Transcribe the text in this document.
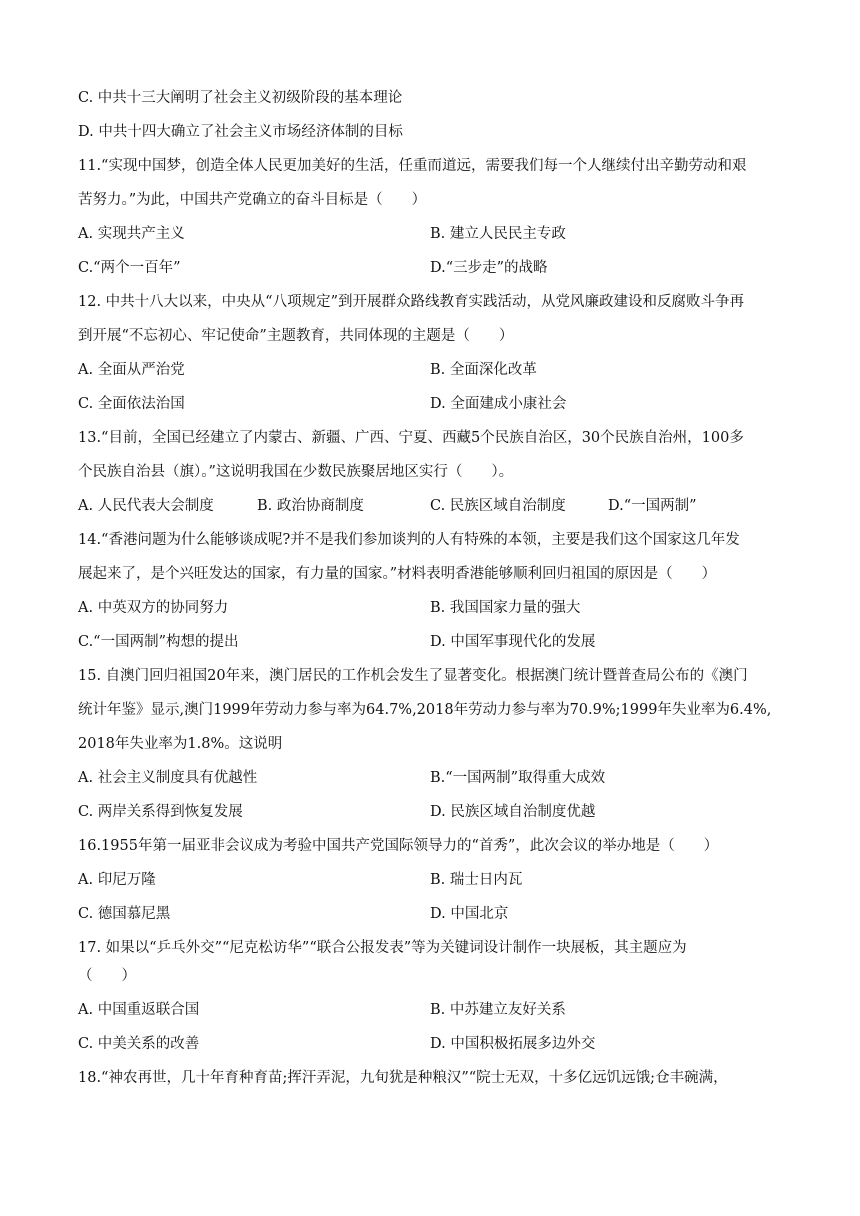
C. 中共十三大阐明了社会主义初级阶段的基本理论
D. 中共十四大确立了社会主义市场经济体制的目标
11.“实现中国梦，创造全体人民更加美好的生活，任重而道远，需要我们每一个人继续付出辛勤劳动和艰
苦努力。”为此，中国共产党确立的奋斗目标是（　　）
A. 实现共产主义	B. 建立人民民主专政
C.“两个一百年”	D.“三步走”的战略
12. 中共十八大以来，中央从“八项规定”到开展群众路线教育实践活动，从党风廉政建设和反腐败斗争再
到开展“不忘初心、牢记使命”主题教育，共同体现的主题是（　　）
A. 全面从严治党	B. 全面深化改革
C. 全面依法治国	D. 全面建成小康社会
13.“目前，全国已经建立了内蒙古、新疆、广西、宁夏、西藏5个民族自治区，30个民族自治州，100多
个民族自治县（旗）。”这说明我国在少数民族聚居地区实行（　　）。
A. 人民代表大会制度	B. 政治协商制度	C. 民族区域自治制度	D.“一国两制”
14.“香港问题为什么能够谈成呢?并不是我们参加谈判的人有特殊的本领，主要是我们这个国家这几年发
展起来了，是个兴旺发达的国家，有力量的国家。”材料表明香港能够顺利回归祖国的原因是（　　）
A. 中英双方的协同努力	B. 我国国家力量的强大
C.“一国两制”构想的提出	D. 中国军事现代化的发展
15. 自澳门回归祖国20年来，澳门居民的工作机会发生了显著变化。根据澳门统计暨普查局公布的《澳门
统计年鉴》显示,澳门1999年劳动力参与率为64.7%,2018年劳动力参与率为70.9%;1999年失业率为6.4%,
2018年失业率为1.8%。这说明
A. 社会主义制度具有优越性	B.“一国两制”取得重大成效
C. 两岸关系得到恢复发展	D. 民族区域自治制度优越
16.1955年第一届亚非会议成为考验中国共产党国际领导力的“首秀”，此次会议的举办地是（　　）
A. 印尼万隆	B. 瑞士日内瓦
C. 德国慕尼黑	D. 中国北京
17. 如果以“乒乓外交”“尼克松访华”“联合公报发表”等为关键词设计制作一块展板，其主题应为
（　　）
A. 中国重返联合国	B. 中苏建立友好关系
C. 中美关系的改善	D. 中国积极拓展多边外交
18.“神农再世，几十年育种育苗;挥汗弄泥，九旬犹是种粮汉”“院士无双，十多亿远饥远饿;仓丰碗满，
